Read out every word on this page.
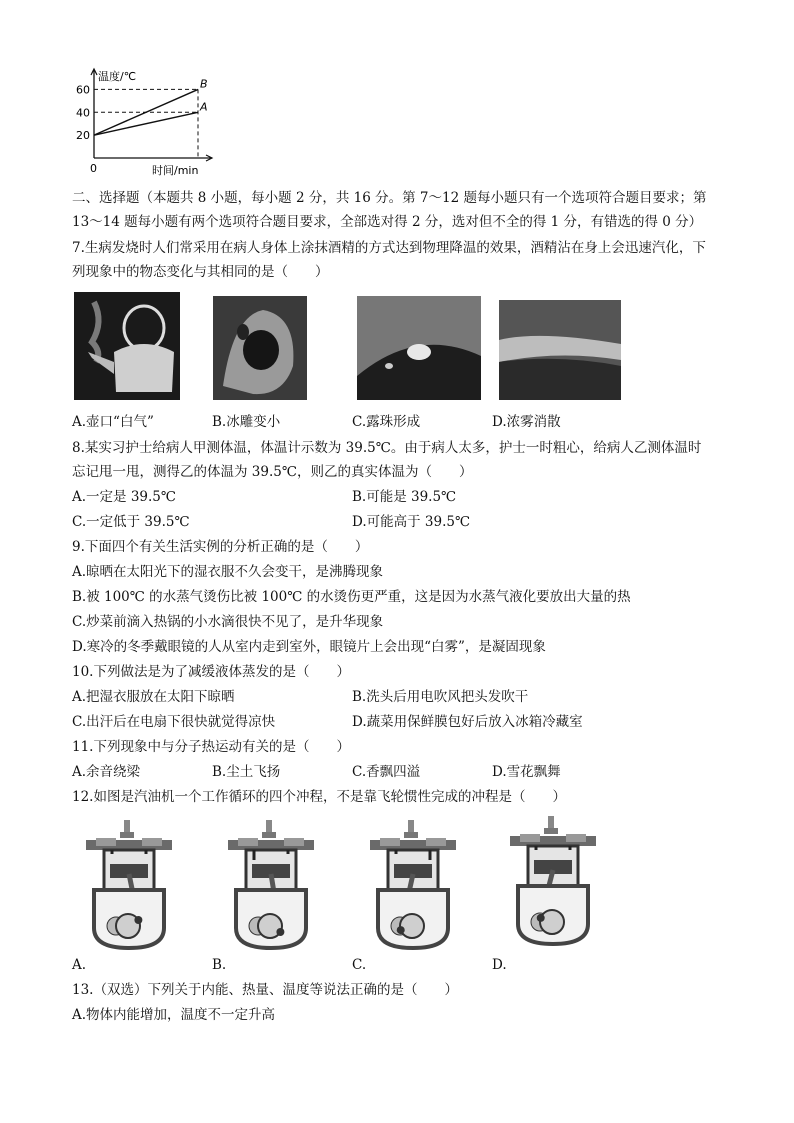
温度/℃
时间/min
0
20
40
60
A
B
二、选择题（本题共 8 小题，每小题 2 分，共 16 分。第 7～12 题每小题只有一个选项符合题目要求；第
13～14 题每小题有两个选项符合题目要求，全部选对得 2 分，选对但不全的得 1 分，有错选的得 0 分）
7.生病发烧时人们常采用在病人身体上涂抹酒精的方式达到物理降温的效果，酒精沾在身上会迅速汽化，下
列现象中的物态变化与其相同的是（　　）
A.壶口“白气”	B.冰雕变小	C.露珠形成	D.浓雾消散
8.某实习护士给病人甲测体温，体温计示数为 39.5℃。由于病人太多，护士一时粗心，给病人乙测体温时
忘记甩一甩，测得乙的体温为 39.5℃，则乙的真实体温为（　　）
A.一定是 39.5℃	B.可能是 39.5℃
C.一定低于 39.5℃	D.可能高于 39.5℃
9.下面四个有关生活实例的分析正确的是（　　）
A.晾晒在太阳光下的湿衣服不久会变干，是沸腾现象
B.被 100℃ 的水蒸气烫伤比被 100℃ 的水烫伤更严重，这是因为水蒸气液化要放出大量的热
C.炒菜前滴入热锅的小水滴很快不见了，是升华现象
D.寒冷的冬季戴眼镜的人从室内走到室外，眼镜片上会出现“白雾”，是凝固现象
10.下列做法是为了减缓液体蒸发的是（　　）
A.把湿衣服放在太阳下晾晒	B.洗头后用电吹风把头发吹干
C.出汗后在电扇下很快就觉得凉快	D.蔬菜用保鲜膜包好后放入冰箱冷藏室
11.下列现象中与分子热运动有关的是（　　）
A.余音绕梁	B.尘土飞扬	C.香飘四溢	D.雪花飘舞
12.如图是汽油机一个工作循环的四个冲程，不是靠飞轮惯性完成的冲程是（　　）
A.	B.	C.	D.
13.（双选）下列关于内能、热量、温度等说法正确的是（　　）
A.物体内能增加，温度不一定升高
